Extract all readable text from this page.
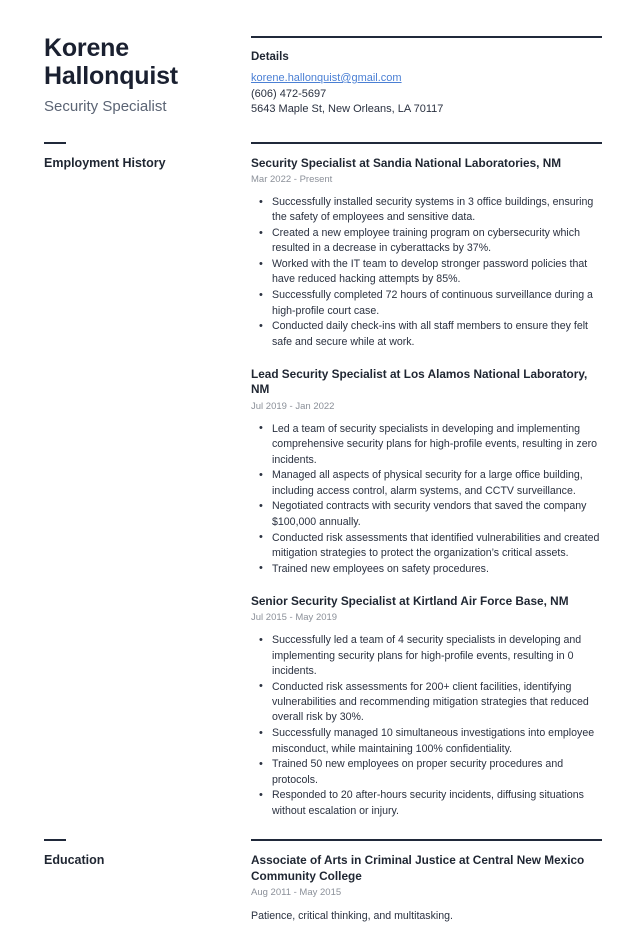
Korene Hallonquist
Security Specialist
Details
korene.hallonquist@gmail.com
(606) 472-5697
5643 Maple St, New Orleans, LA 70117
Employment History	Security Specialist at Sandia National Laboratories, NM
Mar 2022 - Present
• Successfully installed security systems in 3 office buildings, ensuring the safety of employees and sensitive data.
• Created a new employee training program on cybersecurity which resulted in a decrease in cyberattacks by 37%.
• Worked with the IT team to develop stronger password policies that have reduced hacking attempts by 85%.
• Successfully completed 72 hours of continuous surveillance during a high-profile court case.
• Conducted daily check-ins with all staff members to ensure they felt safe and secure while at work.
Lead Security Specialist at Los Alamos National Laboratory, NM
Jul 2019 - Jan 2022
• Led a team of security specialists in developing and implementing comprehensive security plans for high-profile events, resulting in zero incidents.
• Managed all aspects of physical security for a large office building, including access control, alarm systems, and CCTV surveillance.
• Negotiated contracts with security vendors that saved the company $100,000 annually.
• Conducted risk assessments that identified vulnerabilities and created mitigation strategies to protect the organization’s critical assets.
• Trained new employees on safety procedures.
Senior Security Specialist at Kirtland Air Force Base, NM
Jul 2015 - May 2019
• Successfully led a team of 4 security specialists in developing and implementing security plans for high-profile events, resulting in 0 incidents.
• Conducted risk assessments for 200+ client facilities, identifying vulnerabilities and recommending mitigation strategies that reduced overall risk by 30%.
• Successfully managed 10 simultaneous investigations into employee misconduct, while maintaining 100% confidentiality.
• Trained 50 new employees on proper security procedures and protocols.
• Responded to 20 after-hours security incidents, diffusing situations without escalation or injury.
Education	Associate of Arts in Criminal Justice at Central New Mexico Community College
Aug 2011 - May 2015
Patience, critical thinking, and multitasking.
